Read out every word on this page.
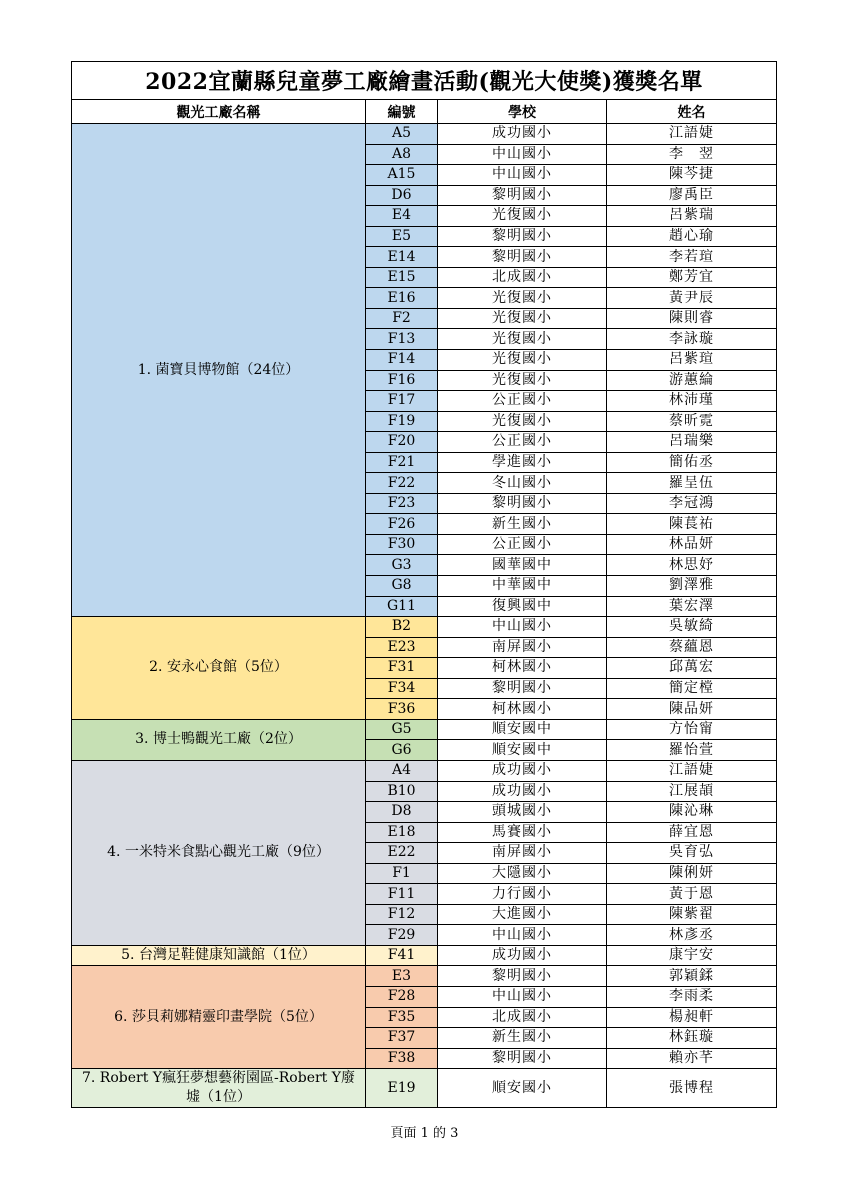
2022宜蘭縣兒童夢工廠繪畫活動(觀光大使獎)獲獎名單			
觀光工廠名稱	編號	學校	姓名
1. 菌寶貝博物館（24位）	A5	成功國小	江語婕
	A8	中山國小	李　翌
	A15	中山國小	陳芩捷
	D6	黎明國小	廖禹臣
	E4	光復國小	呂紫瑞
	E5	黎明國小	趙心瑜
	E14	黎明國小	李若瑄
	E15	北成國小	鄭芳宜
	E16	光復國小	黃尹辰
	F2	光復國小	陳則睿
	F13	光復國小	李詠璇
	F14	光復國小	呂紫瑄
	F16	光復國小	游蕙綸
	F17	公正國小	林沛瑾
	F19	光復國小	蔡昕霓
	F20	公正國小	呂瑞樂
	F21	學進國小	簡佑丞
	F22	冬山國小	羅呈伍
	F23	黎明國小	李冠鴻
	F26	新生國小	陳萇祐
	F30	公正國小	林品妍
	G3	國華國中	林思妤
	G8	中華國中	劉澤雅
	G11	復興國中	葉宏澤
2. 安永心食館（5位）	B2	中山國小	吳敏綺
	E23	南屏國小	蔡蘊恩
	F31	柯林國小	邱萬宏
	F34	黎明國小	簡定樘
	F36	柯林國小	陳品妍
3. 博士鴨觀光工廠（2位）	G5	順安國中	方怡甯
	G6	順安國中	羅怡萱
4. 一米特米食點心觀光工廠（9位）	A4	成功國小	江語婕
	B10	成功國小	江展頡
	D8	頭城國小	陳沁琳
	E18	馬賽國小	薛宜恩
	E22	南屏國小	吳育弘
	F1	大隱國小	陳俐妍
	F11	力行國小	黃于恩
	F12	大進國小	陳紫翟
	F29	中山國小	林彥丞
5. 台灣足鞋健康知識館（1位）	F41	成功國小	康宇安
6. 莎貝莉娜精靈印畫學院（5位）	E3	黎明國小	郭穎鍒
	F28	中山國小	李雨柔
	F35	北成國小	楊昶軒
	F37	新生國小	林鈺璇
	F38	黎明國小	賴亦芊
7. Robert Y瘋狂夢想藝術園區-Robert Y廢墟（1位）	E19	順安國小	張博程
頁面 1 的 3
